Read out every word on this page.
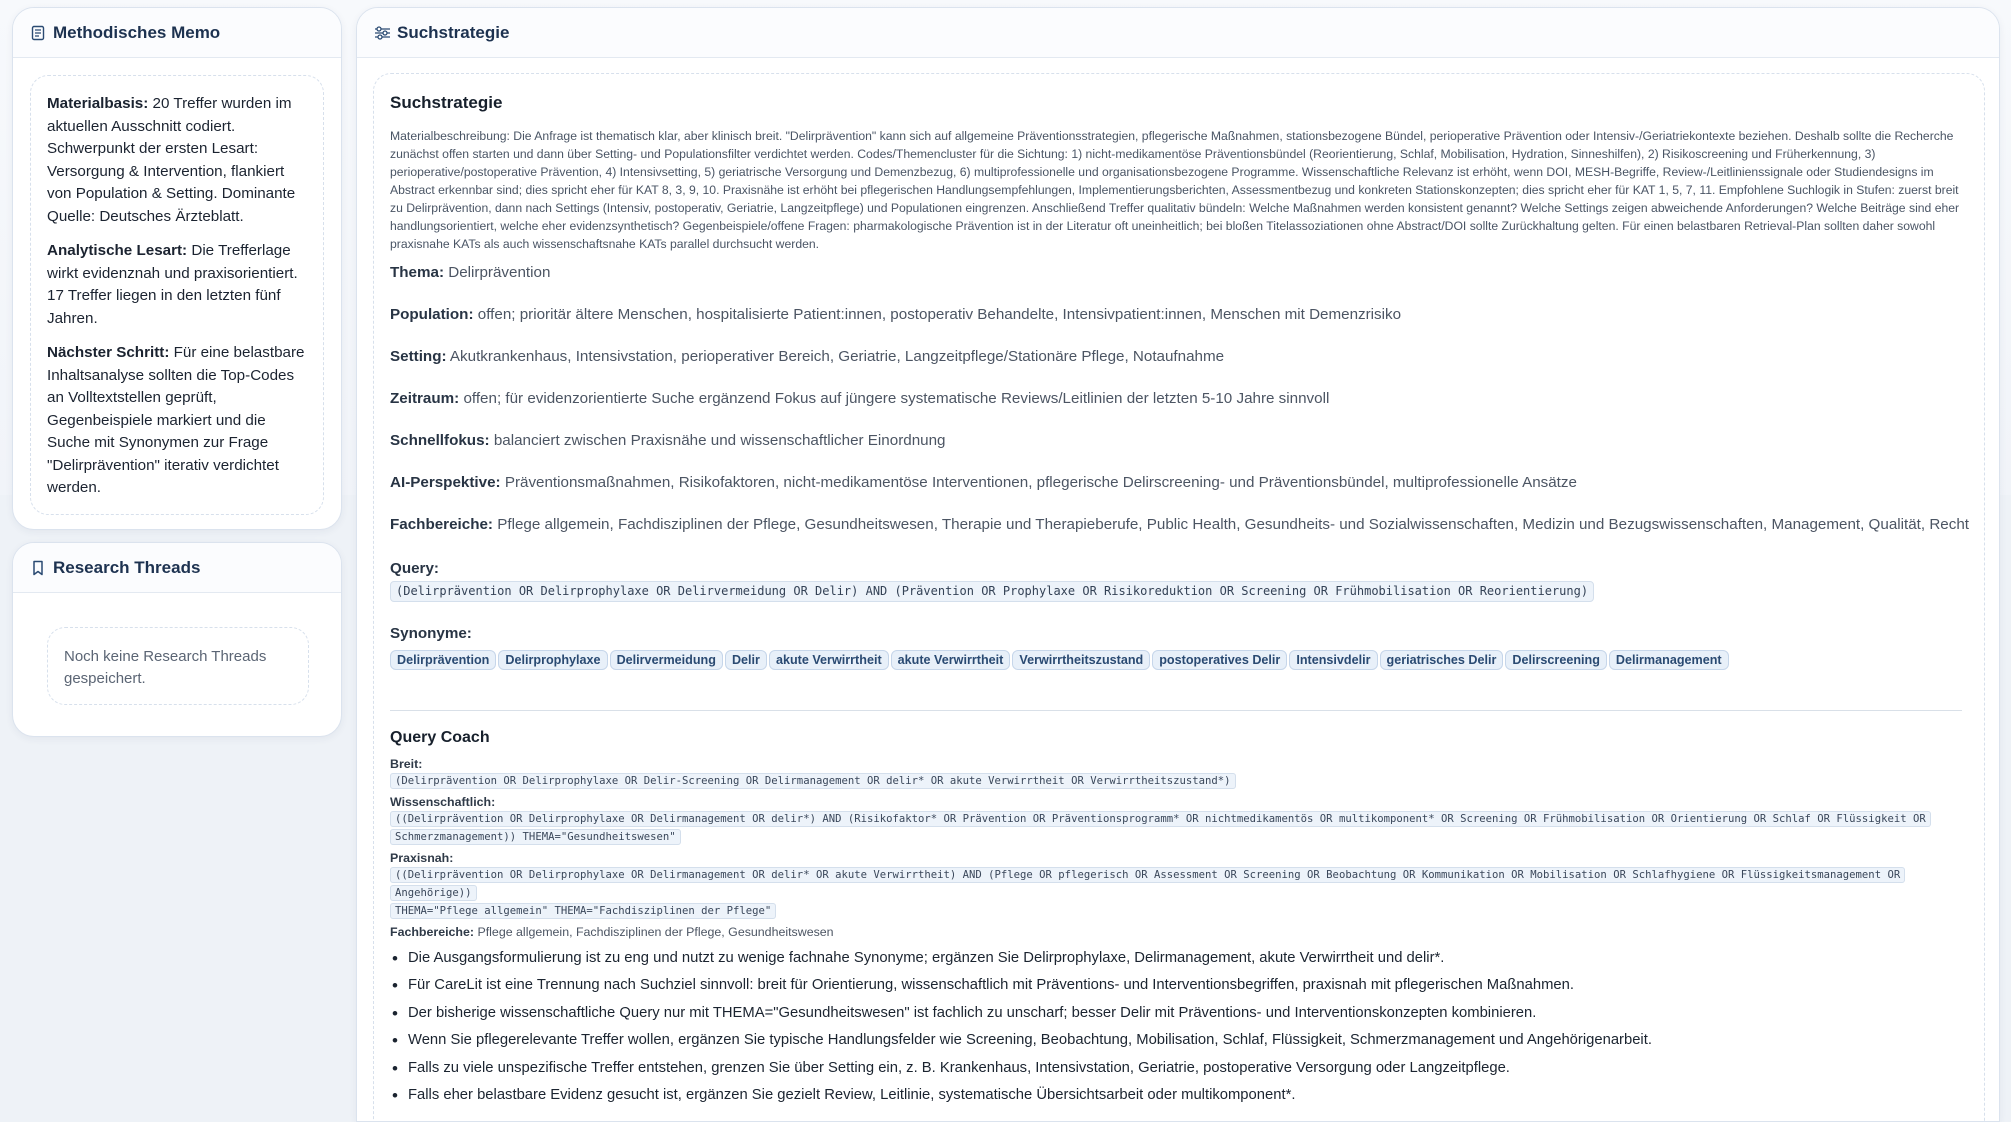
Methodisches Memo

Materialbasis: 20 Treffer wurden im aktuellen Ausschnitt codiert. Schwerpunkt der ersten Lesart: Versorgung & Intervention, flankiert von Population & Setting. Dominante Quelle: Deutsches Ärzteblatt.

Analytische Lesart: Die Trefferlage wirkt evidenznah und praxisorientiert. 17 Treffer liegen in den letzten fünf Jahren.

Nächster Schritt: Für eine belastbare Inhaltsanalyse sollten die Top-Codes an Volltextstellen geprüft, Gegenbeispiele markiert und die Suche mit Synonymen zur Frage "Delirprävention" iterativ verdichtet werden.

Research Threads
Noch keine Research Threads gespeichert.
Suchstrategie

Suchstrategie

Materialbeschreibung: Die Anfrage ist thematisch klar, aber klinisch breit. "Delirprävention" kann sich auf allgemeine Präventionsstrategien, pflegerische Maßnahmen, stationsbezogene Bündel, perioperative Prävention oder Intensiv-/Geriatriekontexte beziehen. Deshalb sollte die Recherche zunächst offen starten und dann über Setting- und Populationsfilter verdichtet werden. Codes/Themencluster für die Sichtung: 1) nicht-medikamentöse Präventionsbündel (Reorientierung, Schlaf, Mobilisation, Hydration, Sinneshilfen), 2) Risikoscreening und Früherkennung, 3) perioperative/postoperative Prävention, 4) Intensivsetting, 5) geriatrische Versorgung und Demenzbezug, 6) multiprofessionelle und organisationsbezogene Programme. Wissenschaftliche Relevanz ist erhöht, wenn DOI, MESH-Begriffe, Review-/Leitlinienssignale oder Studiendesigns im Abstract erkennbar sind; dies spricht eher für KAT 8, 3, 9, 10. Praxisnähe ist erhöht bei pflegerischen Handlungsempfehlungen, Implementierungsberichten, Assessmentbezug und konkreten Stationskonzepten; dies spricht eher für KAT 1, 5, 7, 11. Empfohlene Suchlogik in Stufen: zuerst breit zu Delirprävention, dann nach Settings (Intensiv, postoperativ, Geriatrie, Langzeitpflege) und Populationen eingrenzen. Anschließend Treffer qualitativ bündeln: Welche Maßnahmen werden konsistent genannt? Welche Settings zeigen abweichende Anforderungen? Welche Beiträge sind eher handlungsorientiert, welche eher evidenzsynthetisch? Gegenbeispiele/offene Fragen: pharmakologische Prävention ist in der Literatur oft uneinheitlich; bei bloßen Titelassoziationen ohne Abstract/DOI sollte Zurückhaltung gelten. Für einen belastbaren Retrieval-Plan sollten daher sowohl praxisnahe KATs als auch wissenschaftsnahe KATs parallel durchsucht werden.

Thema: Delirprävention

Population: offen; prioritär ältere Menschen, hospitalisierte Patient:innen, postoperativ Behandelte, Intensivpatient:innen, Menschen mit Demenzrisiko

Setting: Akutkrankenhaus, Intensivstation, perioperativer Bereich, Geriatrie, Langzeitpflege/Stationäre Pflege, Notaufnahme

Zeitraum: offen; für evidenzorientierte Suche ergänzend Fokus auf jüngere systematische Reviews/Leitlinien der letzten 5-10 Jahre sinnvoll

Schnellfokus: balanciert zwischen Praxisnähe und wissenschaftlicher Einordnung

AI-Perspektive: Präventionsmaßnahmen, Risikofaktoren, nicht-medikamentöse Interventionen, pflegerische Delirscreening- und Präventionsbündel, multiprofessionelle Ansätze

Fachbereiche: Pflege allgemein, Fachdisziplinen der Pflege, Gesundheitswesen, Therapie und Therapieberufe, Public Health, Gesundheits- und Sozialwissenschaften, Medizin und Bezugswissenschaften, Management, Qualität, Recht

Query:
(Delirprävention OR Delirprophylaxe OR Delirvermeidung OR Delir) AND (Prävention OR Prophylaxe OR Risikoreduktion OR Screening OR Frühmobilisation OR Reorientierung)
Synonyme:
Delirprävention	Delirprophylaxe	Delirvermeidung	Delir	akute Verwirrtheit	akute Verwirrtheit	Verwirrtheitszustand	postoperatives Delir	Intensivdelir	geriatrisches Delir	Delirscreening	Delirmanagement

Query Coach

Breit:
(Delirprävention OR Delirprophylaxe OR Delir-Screening OR Delirmanagement OR delir* OR akute Verwirrtheit OR Verwirrtheitszustand*)
Wissenschaftlich:
((Delirprävention OR Delirprophylaxe OR Delirmanagement OR delir*) AND (Risikofaktor* OR Prävention OR Präventionsprogramm* OR nichtmedikamentös OR multikomponent* OR Screening OR Frühmobilisation OR Orientierung OR Schlaf OR Flüssigkeit OR
Schmerzmanagement)) THEMA="Gesundheitswesen"
Praxisnah:
((Delirprävention OR Delirprophylaxe OR Delirmanagement OR delir* OR akute Verwirrtheit) AND (Pflege OR pflegerisch OR Assessment OR Screening OR Beobachtung OR Kommunikation OR Mobilisation OR Schlafhygiene OR Flüssigkeitsmanagement OR Angehörige))
THEMA="Pflege allgemein" THEMA="Fachdisziplinen der Pflege"
Fachbereiche: Pflege allgemein, Fachdisziplinen der Pflege, Gesundheitswesen
• Die Ausgangsformulierung ist zu eng und nutzt zu wenige fachnahe Synonyme; ergänzen Sie Delirprophylaxe, Delirmanagement, akute Verwirrtheit und delir*.
• Für CareLit ist eine Trennung nach Suchziel sinnvoll: breit für Orientierung, wissenschaftlich mit Präventions- und Interventionsbegriffen, praxisnah mit pflegerischen Maßnahmen.
• Der bisherige wissenschaftliche Query nur mit THEMA="Gesundheitswesen" ist fachlich zu unscharf; besser Delir mit Präventions- und Interventionskonzepten kombinieren.
• Wenn Sie pflegerelevante Treffer wollen, ergänzen Sie typische Handlungsfelder wie Screening, Beobachtung, Mobilisation, Schlaf, Flüssigkeit, Schmerzmanagement und Angehörigenarbeit.
• Falls zu viele unspezifische Treffer entstehen, grenzen Sie über Setting ein, z. B. Krankenhaus, Intensivstation, Geriatrie, postoperative Versorgung oder Langzeitpflege.
• Falls eher belastbare Evidenz gesucht ist, ergänzen Sie gezielt Review, Leitlinie, systematische Übersichtsarbeit oder multikomponent*.
